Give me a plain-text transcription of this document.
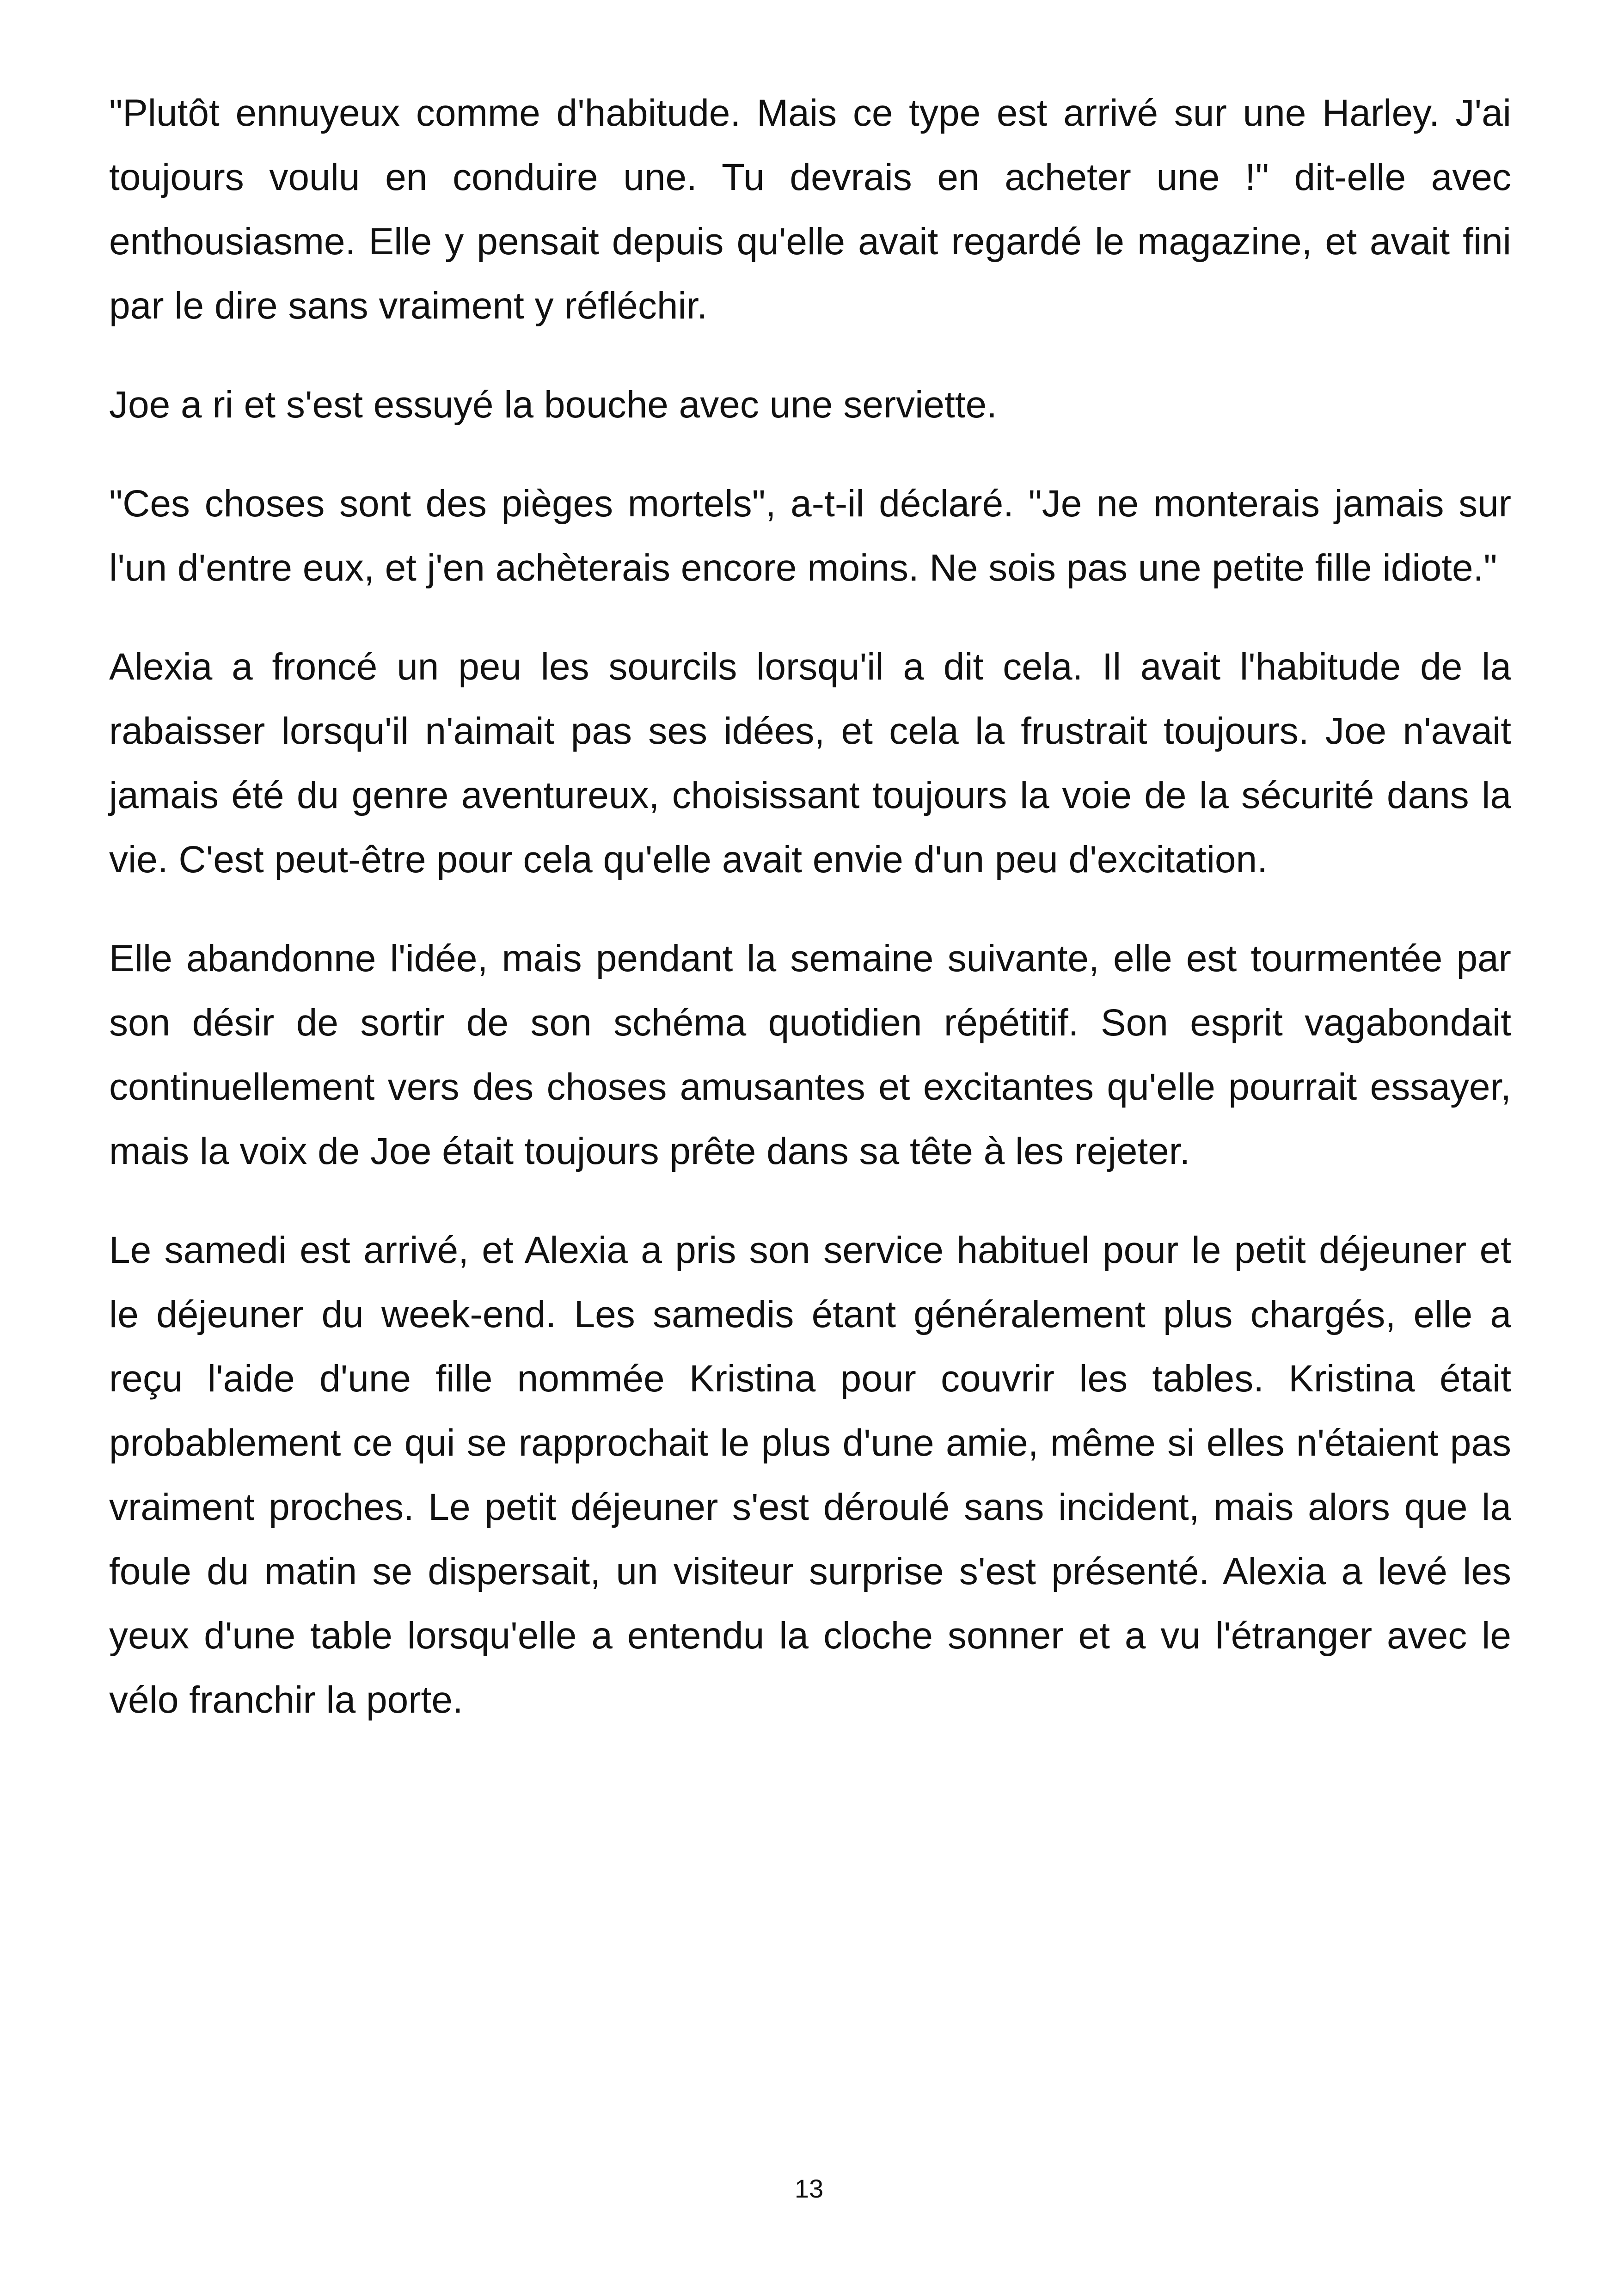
"Plutôt ennuyeux comme d'habitude. Mais ce type est arrivé sur une Harley. J'ai toujours voulu en conduire une. Tu devrais en acheter une !" dit-elle avec enthousiasme. Elle y pensait depuis qu'elle avait regardé le magazine, et avait fini par le dire sans vraiment y réfléchir.

Joe a ri et s'est essuyé la bouche avec une serviette.

"Ces choses sont des pièges mortels", a-t-il déclaré. "Je ne monterais jamais sur l'un d'entre eux, et j'en achèterais encore moins. Ne sois pas une petite fille idiote."

Alexia a froncé un peu les sourcils lorsqu'il a dit cela. Il avait l'habitude de la rabaisser lorsqu'il n'aimait pas ses idées, et cela la frustrait toujours. Joe n'avait jamais été du genre aventureux, choisissant toujours la voie de la sécurité dans la vie. C'est peut-être pour cela qu'elle avait envie d'un peu d'excitation.

Elle abandonne l'idée, mais pendant la semaine suivante, elle est tourmentée par son désir de sortir de son schéma quotidien répétitif. Son esprit vagabondait continuellement vers des choses amusantes et excitantes qu'elle pourrait essayer, mais la voix de Joe était toujours prête dans sa tête à les rejeter.

Le samedi est arrivé, et Alexia a pris son service habituel pour le petit déjeuner et le déjeuner du week-end. Les samedis étant généralement plus chargés, elle a reçu l'aide d'une fille nommée Kristina pour couvrir les tables. Kristina était probablement ce qui se rapprochait le plus d'une amie, même si elles n'étaient pas vraiment proches. Le petit déjeuner s'est déroulé sans incident, mais alors que la foule du matin se dispersait, un visiteur surprise s'est présenté. Alexia a levé les yeux d'une table lorsqu'elle a entendu la cloche sonner et a vu l'étranger avec le vélo franchir la porte.

13
